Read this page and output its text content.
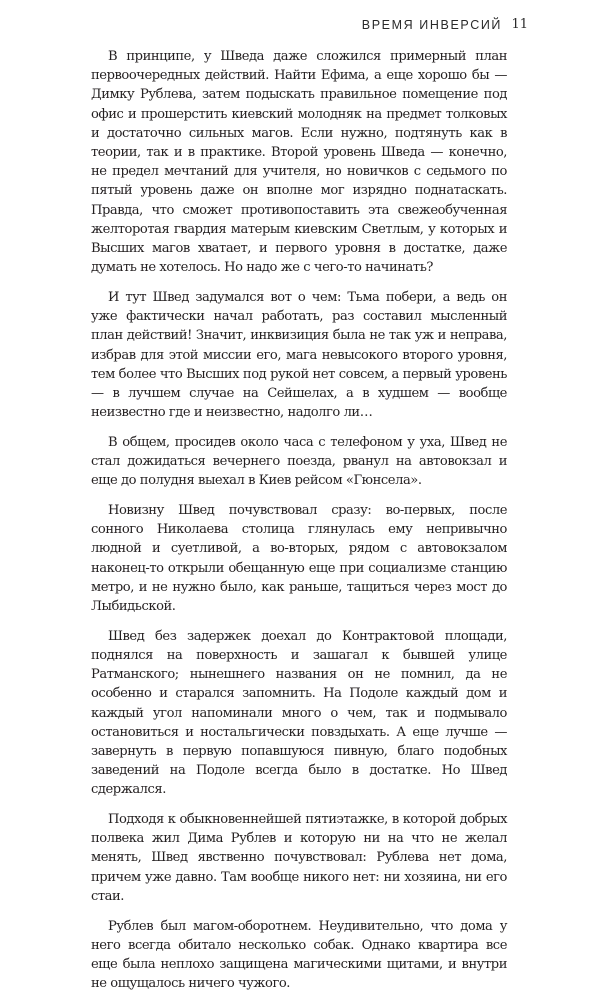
ВРЕМЯ ИНВЕРСИЙ 11

В принципе, у Шведа даже сложился примерный план первоочередных действий. Найти Ефима, а еще хорошо бы — Димку Рублева, затем подыскать правильное помещение под офис и прошерстить киевский молодняк на предмет толковых и достаточно сильных магов. Если нужно, подтянуть как в теории, так и в практике. Второй уровень Шведа — конечно, не предел мечтаний для учителя, но новичков с седьмого по пятый уровень даже он вполне мог изрядно поднатаскать. Правда, что сможет противопоставить эта свежеобученная желторотая гвардия матерым киевским Светлым, у которых и Высших магов хватает, и первого уровня в достатке, даже думать не хотелось. Но надо же с чего-то начинать?

И тут Швед задумался вот о чем: Тьма побери, а ведь он уже фактически начал работать, раз составил мысленный план действий! Значит, инквизиция была не так уж и неправа, избрав для этой миссии его, мага невысокого второго уровня, тем более что Высших под рукой нет совсем, а первый уровень — в лучшем случае на Сейшелах, а в худшем — вообще неизвестно где и неизвестно, надолго ли…

В общем, просидев около часа с телефоном у уха, Швед не стал дожидаться вечернего поезда, рванул на автовокзал и еще до полудня выехал в Киев рейсом «Гюнсела».

Новизну Швед почувствовал сразу: во-первых, после сонного Николаева столица глянулась ему непривычно людной и суетливой, а во-вторых, рядом с автовокзалом наконец-то открыли обещанную еще при социализме станцию метро, и не нужно было, как раньше, тащиться через мост до Лыбидьской.

Швед без задержек доехал до Контрактовой площади, поднялся на поверхность и зашагал к бывшей улице Ратманского; нынешнего названия он не помнил, да не особенно и старался запомнить. На Подоле каждый дом и каждый угол напоминали много о чем, так и подмывало остановиться и ностальгически повздыхать. А еще лучше — завернуть в первую попавшуюся пивную, благо подобных заведений на Подоле всегда было в достатке. Но Швед сдержался.

Подходя к обыкновеннейшей пятиэтажке, в которой добрых полвека жил Дима Рублев и которую ни на что не желал менять, Швед явственно почувствовал: Рублева нет дома, причем уже давно. Там вообще никого нет: ни хозяина, ни его стаи.

Рублев был магом-оборотнем. Неудивительно, что дома у него всегда обитало несколько собак. Однако квартира все еще была неплохо защищена магическими щитами, и внутри не ощущалось ничего чужого.
